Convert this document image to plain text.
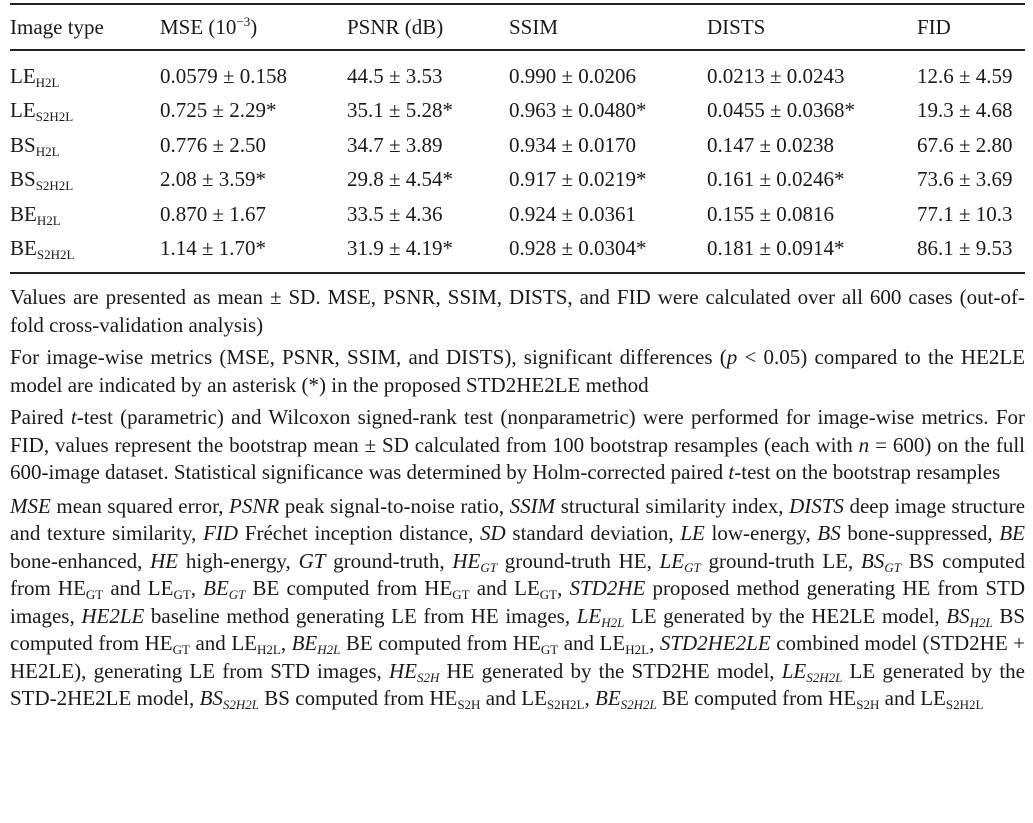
Image type	MSE $(10^{-3})$	PSNR (dB)	SSIM	DISTS	FID
$LE_{H2L}$	0.0579 ± 0.158	44.5 ± 3.53	0.990 ± 0.0206	0.0213 ± 0.0243	12.6 ± 4.59
$LE_{S2H2L}$	0.725 ± 2.29*	35.1 ± 5.28*	0.963 ± 0.0480*	0.0455 ± 0.0368*	19.3 ± 4.68
$BS_{H2L}$	0.776 ± 2.50	34.7 ± 3.89	0.934 ± 0.0170	0.147 ± 0.0238	67.6 ± 2.80
$BS_{S2H2L}$	2.08 ± 3.59*	29.8 ± 4.54*	0.917 ± 0.0219*	0.161 ± 0.0246*	73.6 ± 3.69
$BE_{H2L}$	0.870 ± 1.67	33.5 ± 4.36	0.924 ± 0.0361	0.155 ± 0.0816	77.1 ± 10.3
$BE_{S2H2L}$	1.14 ± 1.70*	31.9 ± 4.19*	0.928 ± 0.0304*	0.181 ± 0.0914*	86.1 ± 9.53

Values are presented as mean ± SD. MSE, PSNR, SSIM, DISTS, and FID were calculated over all 600 cases (out-of-fold cross-validation analysis)

For image-wise metrics (MSE, PSNR, SSIM, and DISTS), significant differences (p < 0.05) compared to the HE2LE model are indicated by an asterisk (*) in the proposed STD2HE2LE method

Paired t-test (parametric) and Wilcoxon signed-rank test (nonparametric) were performed for image-wise metrics. For FID, values represent the bootstrap mean ± SD calculated from 100 bootstrap resamples (each with n = 600) on the full 600-image dataset. Statistical significance was determined by Holm-corrected paired t-test on the bootstrap resamples

MSE mean squared error, PSNR peak signal-to-noise ratio, SSIM structural similarity index, DISTS deep image structure and texture similarity, FID Fréchet inception distance, SD standard deviation, LE low-energy, BS bone-suppressed, BE bone-enhanced, HE high-energy, GT ground-truth, $HE_{GT}$ ground-truth HE, $LE_{GT}$ ground-truth LE, $BS_{GT}$ BS computed from $HE_{GT}$ and $LE_{GT}$, $BE_{GT}$ BE computed from $HE_{GT}$ and $LE_{GT}$, STD2HE proposed method generating HE from STD images, HE2LE baseline method generating LE from HE images, $LE_{H2L}$ LE generated by the HE2LE model, $BS_{H2L}$ BS computed from $HE_{GT}$ and $LE_{H2L}$, $BE_{H2L}$ BE computed from $HE_{GT}$ and $LE_{H2L}$, STD2HE2LE combined model (STD2HE + HE2LE), generating LE from STD images, $HE_{S2H}$ HE generated by the STD2HE model, $LE_{S2H2L}$ LE generated by the STD-2HE2LE model, $BS_{S2H2L}$ BS computed from $HE_{S2H}$ and $LE_{S2H2L}$, $BE_{S2H2L}$ BE computed from $HE_{S2H}$ and $LE_{S2H2L}$
